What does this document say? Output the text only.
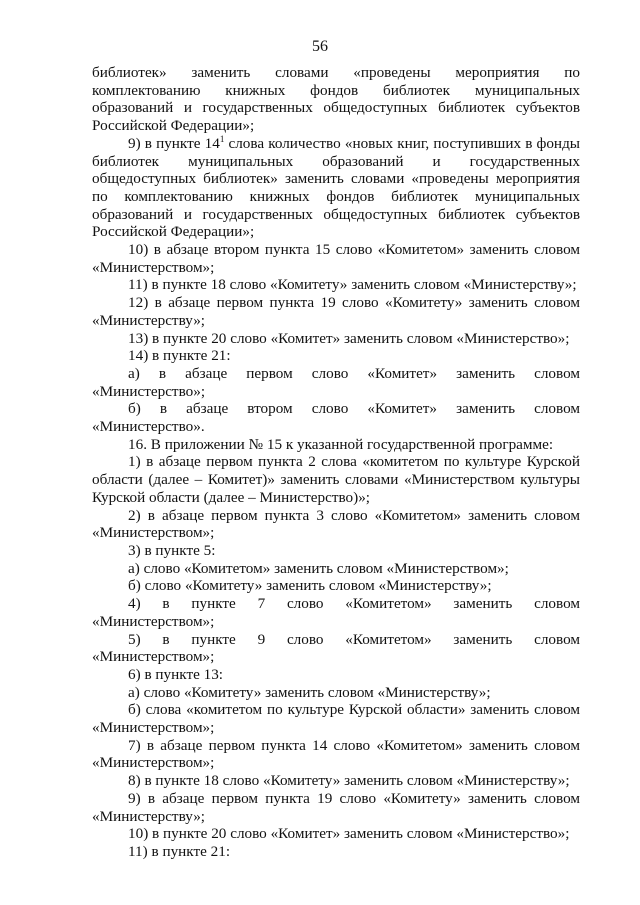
56

библиотек» заменить словами «проведены мероприятия по комплектованию книжных фондов библиотек муниципальных образований и государственных общедоступных библиотек субъектов Российской Федерации»;

9) в пункте $14^1$ слова количество «новых книг, поступивших в фонды библиотек муниципальных образований и государственных общедоступных библиотек» заменить словами «проведены мероприятия по комплектованию книжных фондов библиотек муниципальных образований и государственных общедоступных библиотек субъектов Российской Федерации»;

10) в абзаце втором пункта 15 слово «Комитетом» заменить словом «Министерством»;

11) в пункте 18 слово «Комитету» заменить словом «Министерству»;

12) в абзаце первом пункта 19 слово «Комитету» заменить словом «Министерству»;

13) в пункте 20 слово «Комитет» заменить словом «Министерство»;

14) в пункте 21:

а) в абзаце первом слово «Комитет» заменить словом «Министерство»;

б) в абзаце втором слово «Комитет» заменить словом «Министерство».

16. В приложении № 15 к указанной государственной программе:

1) в абзаце первом пункта 2 слова «комитетом по культуре Курской области (далее – Комитет)» заменить словами «Министерством культуры Курской области (далее – Министерство)»;

2) в абзаце первом пункта 3 слово «Комитетом» заменить словом «Министерством»;

3) в пункте 5:

а) слово «Комитетом» заменить словом «Министерством»;

б) слово «Комитету» заменить словом «Министерству»;

4) в пункте 7 слово «Комитетом» заменить словом «Министерством»;

5) в пункте 9 слово «Комитетом» заменить словом «Министерством»;

6) в пункте 13:

а) слово «Комитету» заменить словом «Министерству»;

б) слова «комитетом по культуре Курской области» заменить словом «Министерством»;

7) в абзаце первом пункта 14 слово «Комитетом» заменить словом «Министерством»;

8) в пункте 18 слово «Комитету» заменить словом «Министерству»;

9) в абзаце первом пункта 19 слово «Комитету» заменить словом «Министерству»;

10) в пункте 20 слово «Комитет» заменить словом «Министерство»;

11) в пункте 21:
